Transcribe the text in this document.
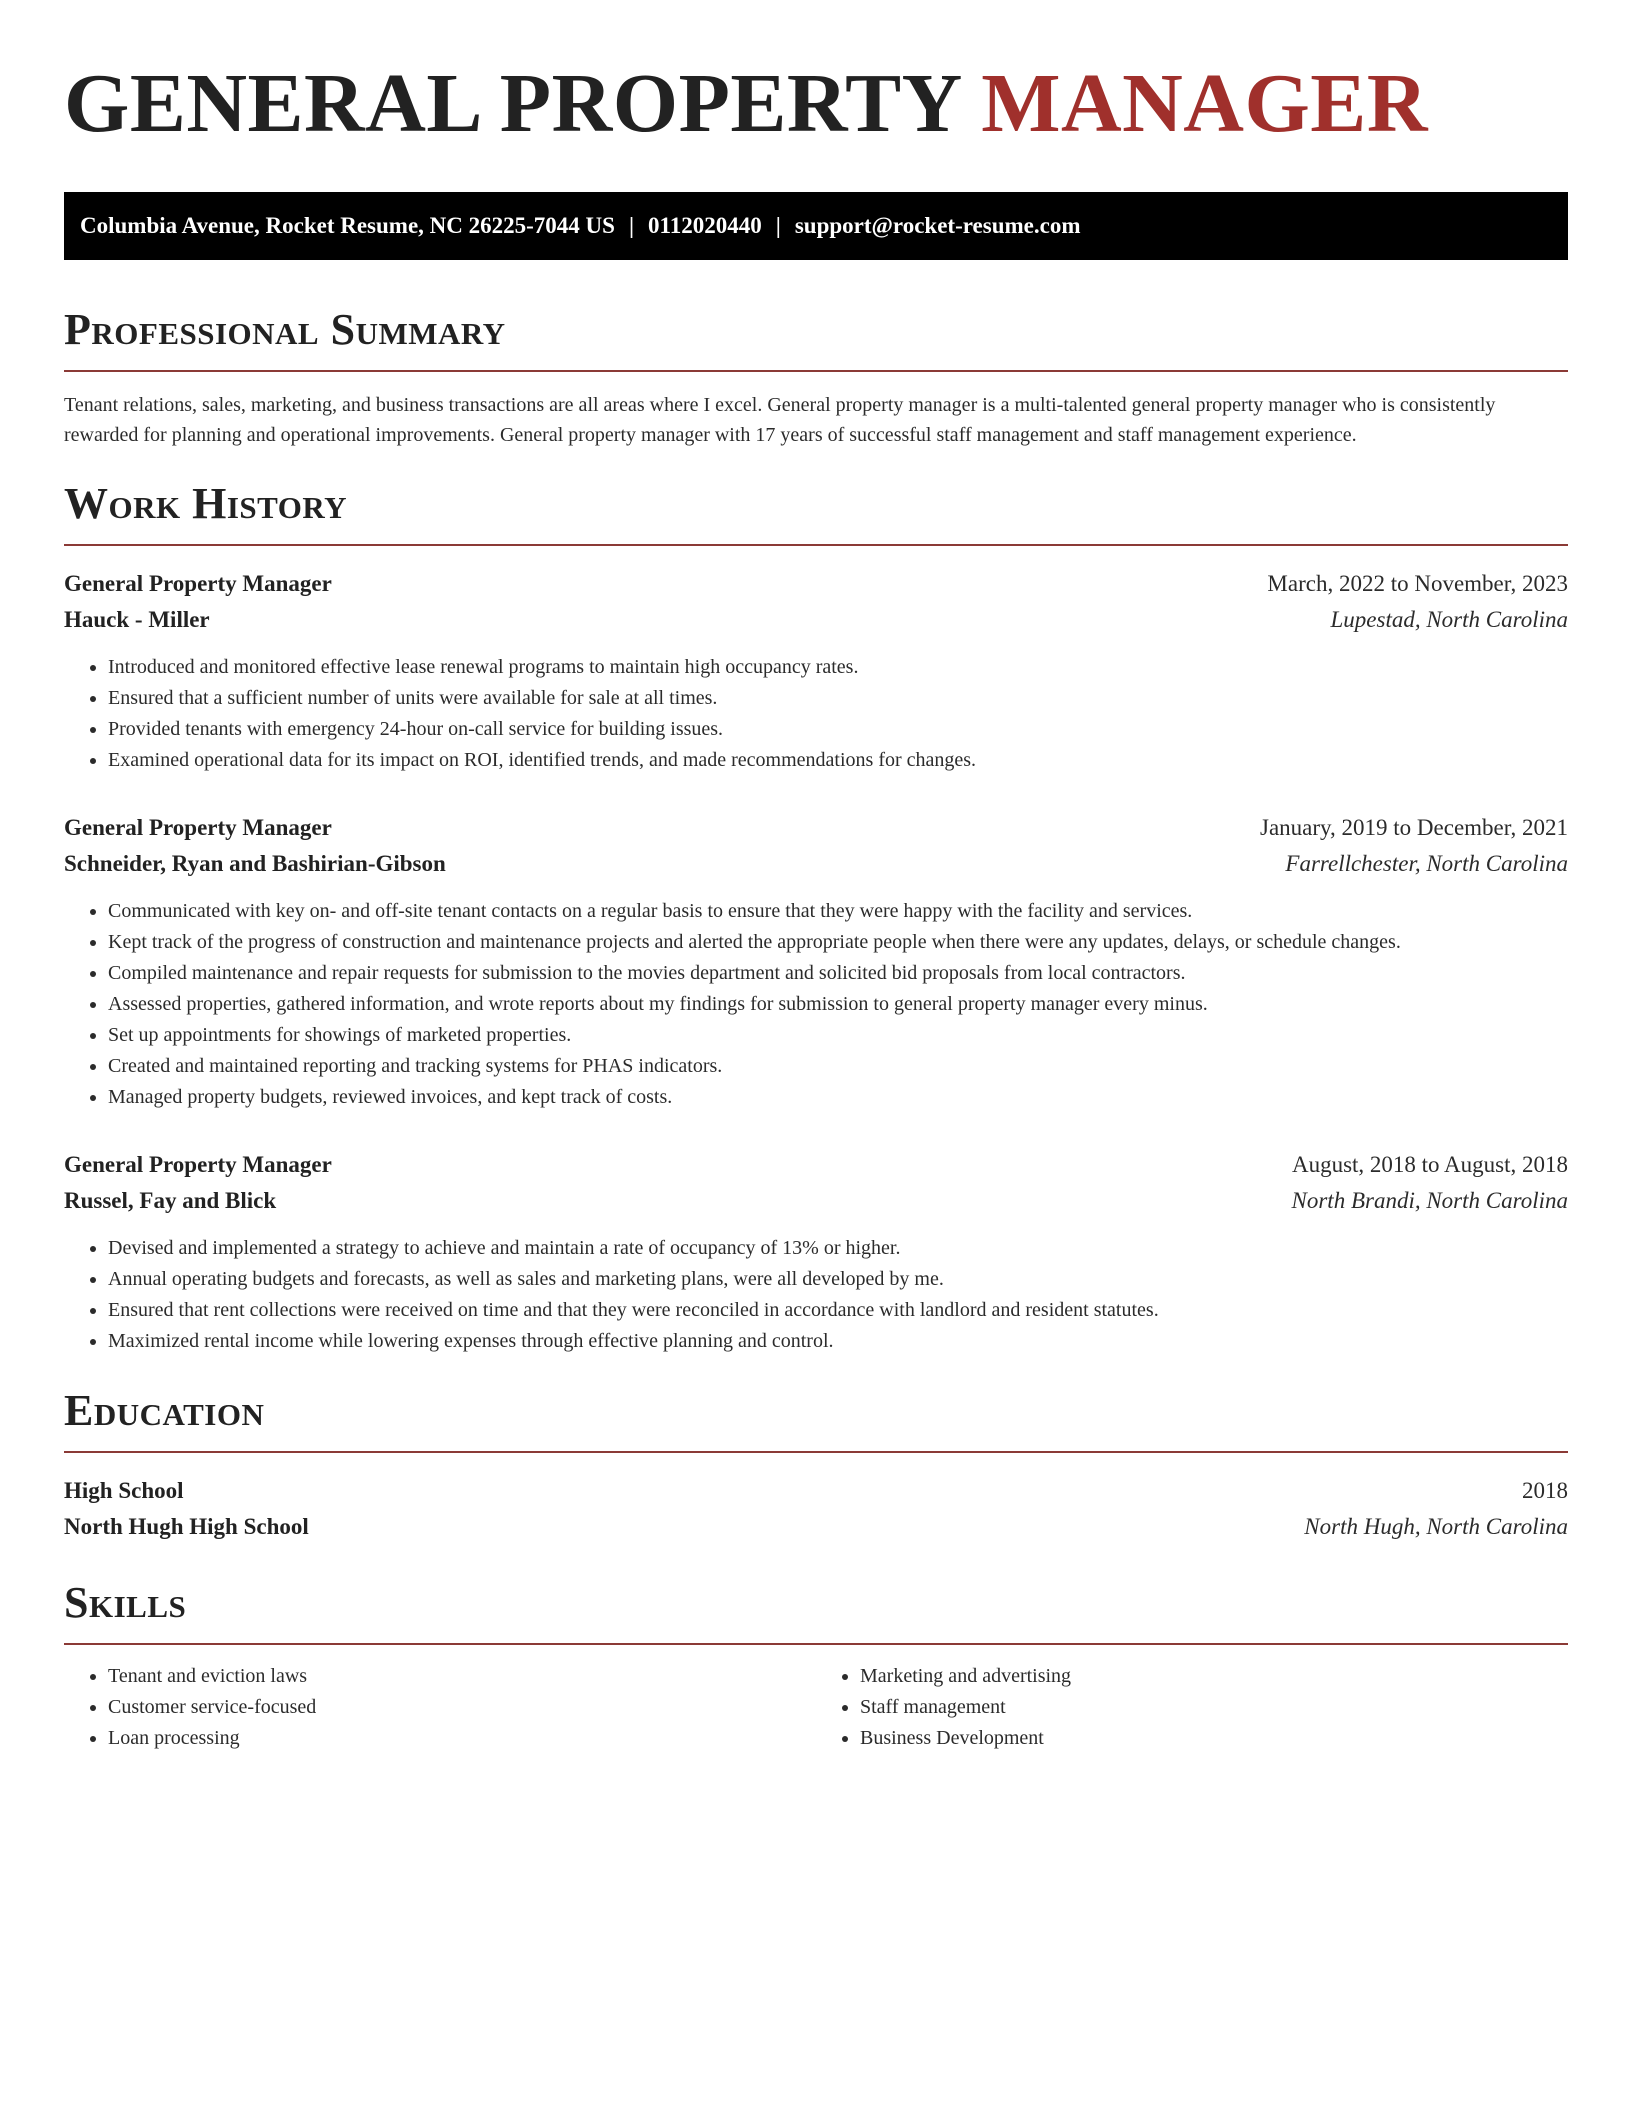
GENERAL PROPERTY MANAGER
Columbia Avenue, Rocket Resume, NC 26225-7044 US | 0112020440 | support@rocket-resume.com
Professional Summary

Tenant relations, sales, marketing, and business transactions are all areas where I excel. General property manager is a multi-talented general property manager who is consistently rewarded for planning and operational improvements. General property manager with 17 years of successful staff management and staff management experience.

Work History
General Property Manager	March, 2022 to November, 2023
Hauck - Miller	Lupestad, North Carolina
• Introduced and monitored effective lease renewal programs to maintain high occupancy rates.
• Ensured that a sufficient number of units were available for sale at all times.
• Provided tenants with emergency 24-hour on-call service for building issues.
• Examined operational data for its impact on ROI, identified trends, and made recommendations for changes.
General Property Manager	January, 2019 to December, 2021
Schneider, Ryan and Bashirian-Gibson	Farrellchester, North Carolina
• Communicated with key on- and off-site tenant contacts on a regular basis to ensure that they were happy with the facility and services.
• Kept track of the progress of construction and maintenance projects and alerted the appropriate people when there were any updates, delays, or schedule changes.
• Compiled maintenance and repair requests for submission to the movies department and solicited bid proposals from local contractors.
• Assessed properties, gathered information, and wrote reports about my findings for submission to general property manager every minus.
• Set up appointments for showings of marketed properties.
• Created and maintained reporting and tracking systems for PHAS indicators.
• Managed property budgets, reviewed invoices, and kept track of costs.
General Property Manager	August, 2018 to August, 2018
Russel, Fay and Blick	North Brandi, North Carolina
• Devised and implemented a strategy to achieve and maintain a rate of occupancy of 13% or higher.
• Annual operating budgets and forecasts, as well as sales and marketing plans, were all developed by me.
• Ensured that rent collections were received on time and that they were reconciled in accordance with landlord and resident statutes.
• Maximized rental income while lowering expenses through effective planning and control.
Education
High School	2018
North Hugh High School	North Hugh, North Carolina
Skills
• Tenant and eviction laws
• Customer service-focused
• Loan processing
• Marketing and advertising
• Staff management
• Business Development
